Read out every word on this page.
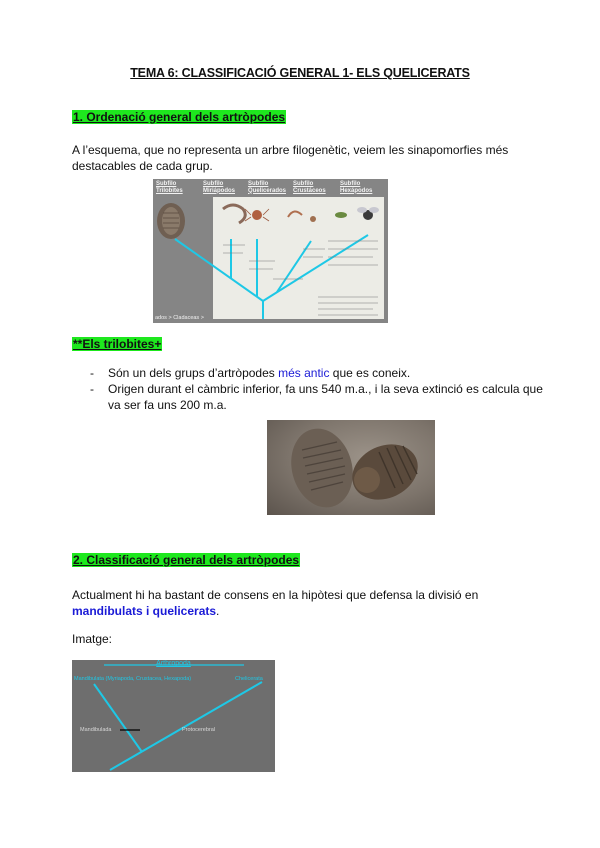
TEMA 6: CLASSIFICACIÓ GENERAL 1- ELS QUELICERATS
1. Ordenació general dels artròpodes
A l’esquema, que no representa un arbre filogenètic, veiem les sinapomorfies més destacables de cada grup.
Subfilo Trilobites
Subfilo Miriápodos
Subfilo Quelicerados
Subfilo Crustáceos
Subfilo Hexápodos
ados > Cladaceas >
**Els trilobites+
- Són un dels grups d’artròpodes més antic que es coneix.
- Origen durant el càmbric inferior, fa uns 540 m.a., i la seva extinció es calcula que va ser fa uns 200 m.a.
2. Classificació general dels artròpodes
Actualment hi ha bastant de consens en la hipòtesi que defensa la divisió en mandibulats i quelicerats.
Imatge:
Arthropoda
Mandibulata (Myriapoda, Crustacea, Hexapoda)	Chelicerata
Mandibulada	Protocerebral
